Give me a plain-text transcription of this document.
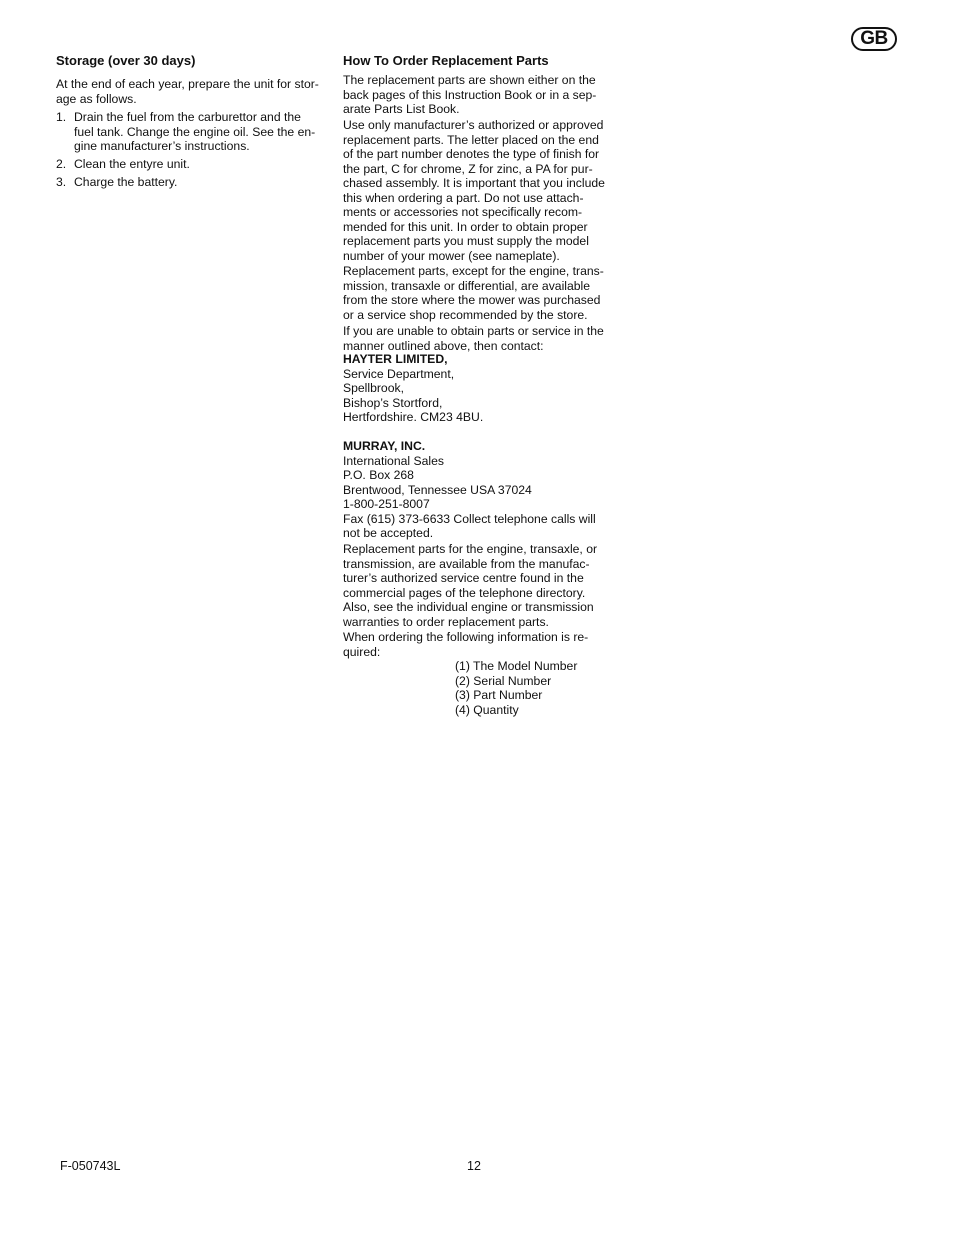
GB
Storage (over 30 days)
At the end of each year, prepare the unit for stor-
age as follows.
1. Drain the fuel from the carburettor and the
fuel tank. Change the engine oil. See the en-
gine manufacturer’s instructions.
2. Clean the entyre unit.
3. Charge the battery.
How To Order Replacement Parts
The replacement parts are shown either on the
back pages of this Instruction Book or in a sep-
arate Parts List Book.
Use only manufacturer’s authorized or approved
replacement parts. The letter placed on the end
of the part number denotes the type of finish for
the part, C for chrome, Z for zinc, a PA for pur-
chased assembly. It is important that you include
this when ordering a part. Do not use attach-
ments or accessories not specifically recom-
mended for this unit. In order to obtain proper
replacement parts you must supply the model
number of your mower (see nameplate).
Replacement parts, except for the engine, trans-
mission, transaxle or differential, are available
from the store where the mower was purchased
or a service shop recommended by the store.
If you are unable to obtain parts or service in the
manner outlined above, then contact:
HAYTER LIMITED,
Service Department,
Spellbrook,
Bishop’s Stortford,
Hertfordshire. CM23 4BU.
MURRAY, INC.
International Sales
P.O. Box 268
Brentwood, Tennessee USA 37024
1-800-251-8007
Fax (615) 373-6633 Collect telephone calls will
not be accepted.
Replacement parts for the engine, transaxle, or
transmission, are available from the manufac-
turer’s authorized service centre found in the
commercial pages of the telephone directory.
Also, see the individual engine or transmission
warranties to order replacement parts.
When ordering the following information is re-
quired:
(1) The Model Number
(2) Serial Number
(3) Part Number
(4) Quantity
F-050743L	12
